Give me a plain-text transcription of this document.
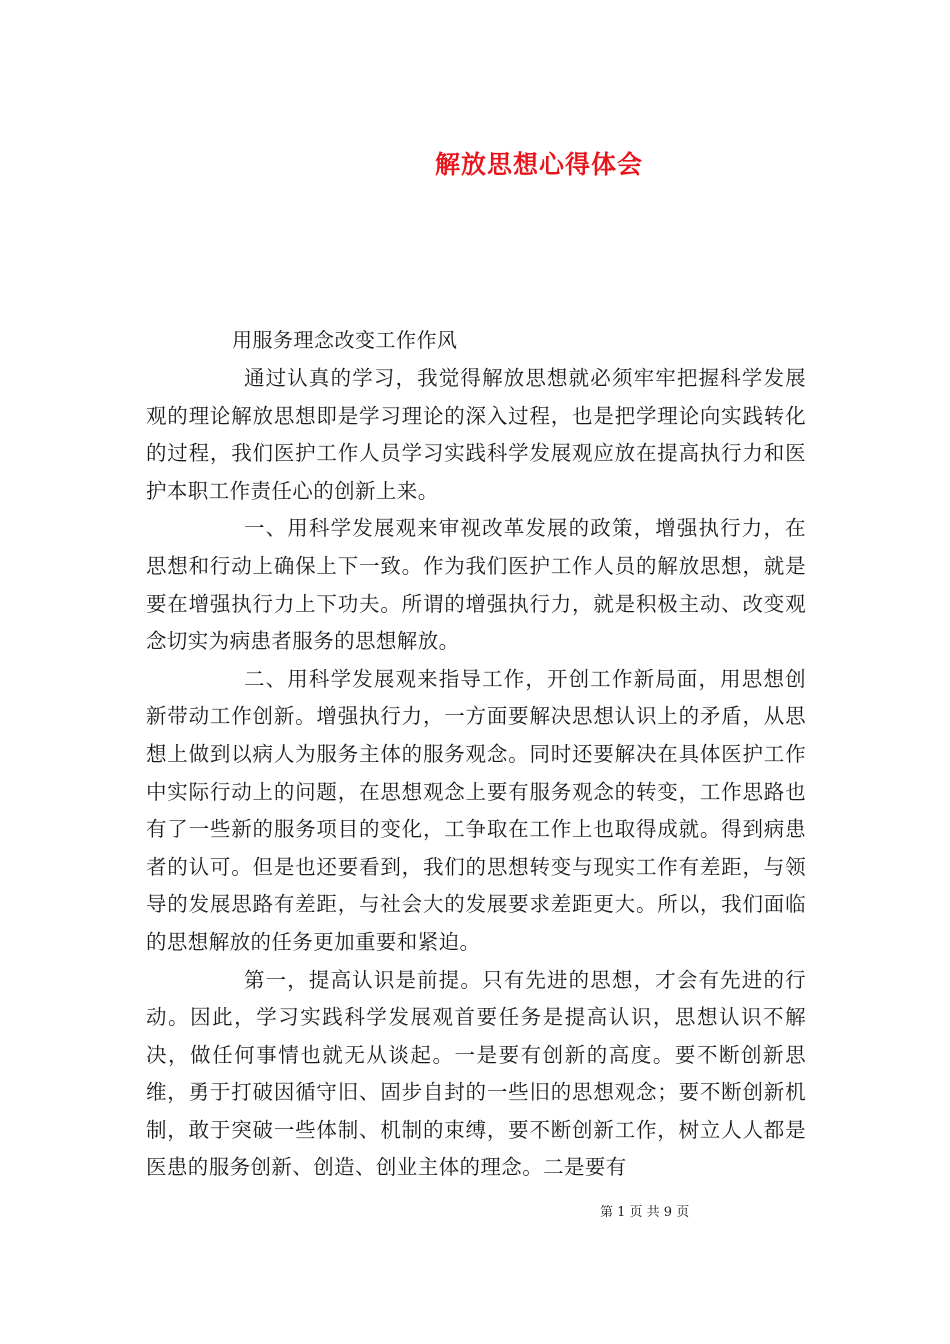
解放思想心得体会
用服务理念改变工作作风

通过认真的学习，我觉得解放思想就必须牢牢把握科学发展观的理论解放思想即是学习理论的深入过程，也是把学理论向实践转化的过程，我们医护工作人员学习实践科学发展观应放在提高执行力和医护本职工作责任心的创新上来。

一、用科学发展观来审视改革发展的政策，增强执行力，在思想和行动上确保上下一致。作为我们医护工作人员的解放思想，就是要在增强执行力上下功夫。所谓的增强执行力，就是积极主动、改变观念切实为病患者服务的思想解放。

二、用科学发展观来指导工作，开创工作新局面，用思想创新带动工作创新。增强执行力，一方面要解决思想认识上的矛盾，从思想上做到以病人为服务主体的服务观念。同时还要解决在具体医护工作中实际行动上的问题，在思想观念上要有服务观念的转变，工作思路也有了一些新的服务项目的变化，工争取在工作上也取得成就。得到病患者的认可。但是也还要看到，我们的思想转变与现实工作有差距，与领导的发展思路有差距，与社会大的发展要求差距更大。所以，我们面临的思想解放的任务更加重要和紧迫。

第一，提高认识是前提。只有先进的思想，才会有先进的行动。因此，学习实践科学发展观首要任务是提高认识，思想认识不解决，做任何事情也就无从谈起。一是要有创新的高度。要不断创新思维，勇于打破因循守旧、固步自封的一些旧的思想观念；要不断创新机制，敢于突破一些体制、机制的束缚，要不断创新工作，树立人人都是医患的服务创新、创造、创业主体的理念。二是要有

第 1 页 共 9 页
